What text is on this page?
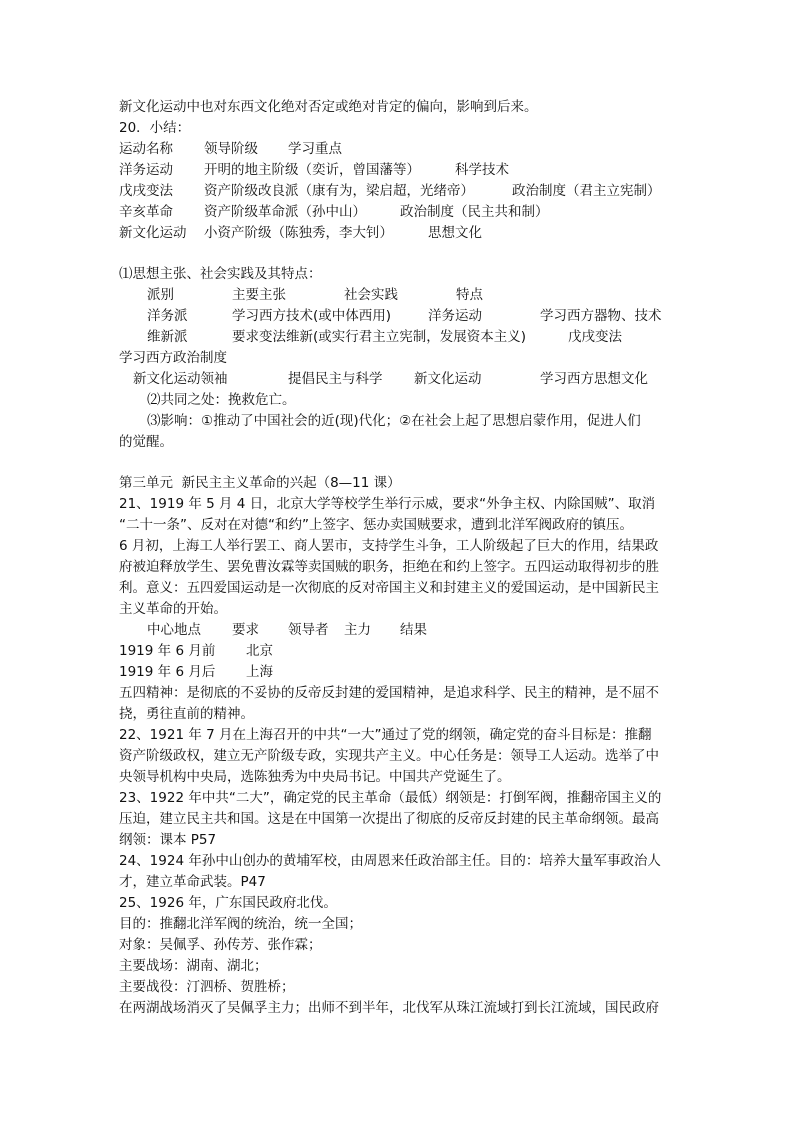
新文化运动中也对东西文化绝对否定或绝对肯定的偏向，影响到后来。
20．小结：
运动名称 领导阶级 学习重点
洋务运动 开明的地主阶级（奕䜣，曾国藩等）	科学技术
戊戌变法 资产阶级改良派（康有为，梁启超，光绪帝）	政治制度（君主立宪制）
辛亥革命 资产阶级革命派（孙中山）	政治制度（民主共和制）
新文化运动 小资产阶级（陈独秀，李大钊）	思想文化
⑴思想主张、社会实践及其特点：
派别	主要主张	社会实践	特点
洋务派	学习西方技术(或中体西用)	洋务运动	学习西方器物、技术
维新派	要求变法维新(或实行君主立宪制，发展资本主义)	戊戌变法
学习西方政治制度
新文化运动领袖	提倡民主与科学 新文化运动	学习西方思想文化
⑵共同之处：挽救危亡。
⑶影响：①推动了中国社会的近(现)代化；②在社会上起了思想启蒙作用，促进人们
的觉醒。
第三单元  新民主主义革命的兴起（8—11 课）
21、1919 年 5 月 4 日，北京大学等校学生举行示威，要求“外争主权、内除国贼”、取消
“二十一条”、反对在对德“和约”上签字、惩办卖国贼要求，遭到北洋军阀政府的镇压。
6 月初，上海工人举行罢工、商人罢市，支持学生斗争，工人阶级起了巨大的作用，结果政
府被迫释放学生、罢免曹汝霖等卖国贼的职务，拒绝在和约上签字。五四运动取得初步的胜
利。意义：五四爱国运动是一次彻底的反对帝国主义和封建主义的爱国运动，是中国新民主
主义革命的开始。
中心地点 要求 领导者 主力 结果
1919 年 6 月前 北京
1919 年 6 月后 上海
五四精神：是彻底的不妥协的反帝反封建的爱国精神，是追求科学、民主的精神，是不屈不
挠，勇往直前的精神。
22、1921 年 7 月在上海召开的中共“一大”通过了党的纲领，确定党的奋斗目标是：推翻
资产阶级政权，建立无产阶级专政，实现共产主义。中心任务是：领导工人运动。选举了中
央领导机构中央局，选陈独秀为中央局书记。中国共产党诞生了。
23、1922 年中共“二大”，确定党的民主革命（最低）纲领是：打倒军阀，推翻帝国主义的
压迫，建立民主共和国。这是在中国第一次提出了彻底的反帝反封建的民主革命纲领。最高
纲领：课本 P57
24、1924 年孙中山创办的黄埔军校，由周恩来任政治部主任。目的：培养大量军事政治人
才，建立革命武装。P47
25、1926 年，广东国民政府北伐。
目的：推翻北洋军阀的统治，统一全国；
对象：吴佩孚、孙传芳、张作霖；
主要战场：湖南、湖北；
主要战役：汀泗桥、贺胜桥；
在两湖战场消灭了吴佩孚主力；出师不到半年，北伐军从珠江流域打到长江流域，国民政府
